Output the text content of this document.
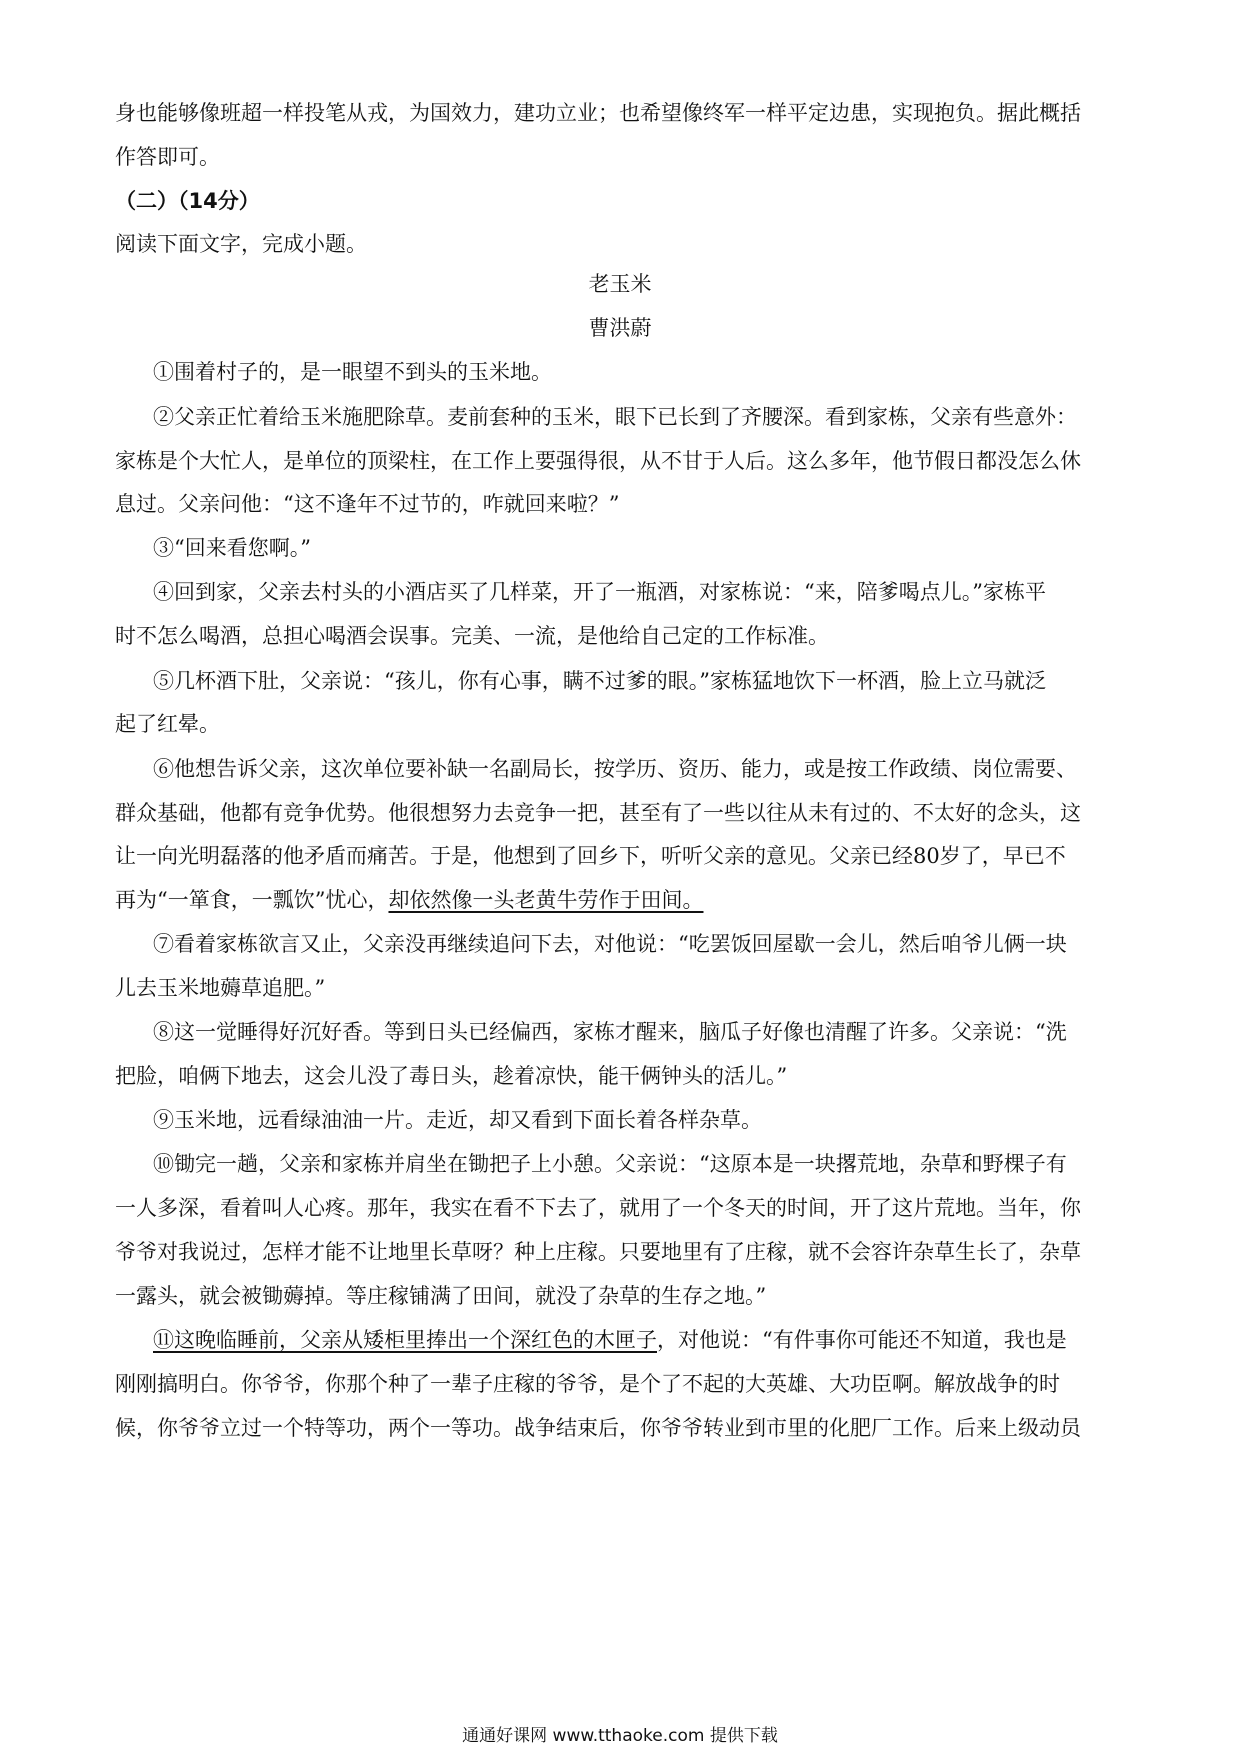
身也能够像班超一样投笔从戎，为国效力，建功立业；也希望像终军一样平定边患，实现抱负。据此概括
作答即可。
（二）（14分）
阅读下面文字，完成小题。
老玉米
曹洪蔚
①围着村子的，是一眼望不到头的玉米地。
②父亲正忙着给玉米施肥除草。麦前套种的玉米，眼下已长到了齐腰深。看到家栋，父亲有些意外：
家栋是个大忙人，是单位的顶梁柱，在工作上要强得很，从不甘于人后。这么多年，他节假日都没怎么休
息过。父亲问他：“这不逢年不过节的，咋就回来啦？”
③“回来看您啊。”
④回到家，父亲去村头的小酒店买了几样菜，开了一瓶酒，对家栋说：“来，陪爹喝点儿。”家栋平
时不怎么喝酒，总担心喝酒会误事。完美、一流，是他给自己定的工作标准。
⑤几杯酒下肚，父亲说：“孩儿，你有心事，瞒不过爹的眼。”家栋猛地饮下一杯酒，脸上立马就泛
起了红晕。
⑥他想告诉父亲，这次单位要补缺一名副局长，按学历、资历、能力，或是按工作政绩、岗位需要、
群众基础，他都有竞争优势。他很想努力去竞争一把，甚至有了一些以往从未有过的、不太好的念头，这
让一向光明磊落的他矛盾而痛苦。于是，他想到了回乡下，听听父亲的意见。父亲已经80岁了，早已不
再为“一箪食，一瓢饮”忧心，却依然像一头老黄牛劳作于田间。
⑦看着家栋欲言又止，父亲没再继续追问下去，对他说：“吃罢饭回屋歇一会儿，然后咱爷儿俩一块
儿去玉米地薅草追肥。”
⑧这一觉睡得好沉好香。等到日头已经偏西，家栋才醒来，脑瓜子好像也清醒了许多。父亲说：“洗
把脸，咱俩下地去，这会儿没了毒日头，趁着凉快，能干俩钟头的活儿。”
⑨玉米地，远看绿油油一片。走近，却又看到下面长着各样杂草。
⑩锄完一趟，父亲和家栋并肩坐在锄把子上小憩。父亲说：“这原本是一块撂荒地，杂草和野棵子有
一人多深，看着叫人心疼。那年，我实在看不下去了，就用了一个冬天的时间，开了这片荒地。当年，你
爷爷对我说过，怎样才能不让地里长草呀？种上庄稼。只要地里有了庄稼，就不会容许杂草生长了，杂草
一露头，就会被锄薅掉。等庄稼铺满了田间，就没了杂草的生存之地。”
⑪这晚临睡前，父亲从矮柜里捧出一个深红色的木匣子，对他说：“有件事你可能还不知道，我也是
刚刚搞明白。你爷爷，你那个种了一辈子庄稼的爷爷，是个了不起的大英雄、大功臣啊。解放战争的时
候，你爷爷立过一个特等功，两个一等功。战争结束后，你爷爷转业到市里的化肥厂工作。后来上级动员
通通好课网 www.tthaoke.com 提供下载
